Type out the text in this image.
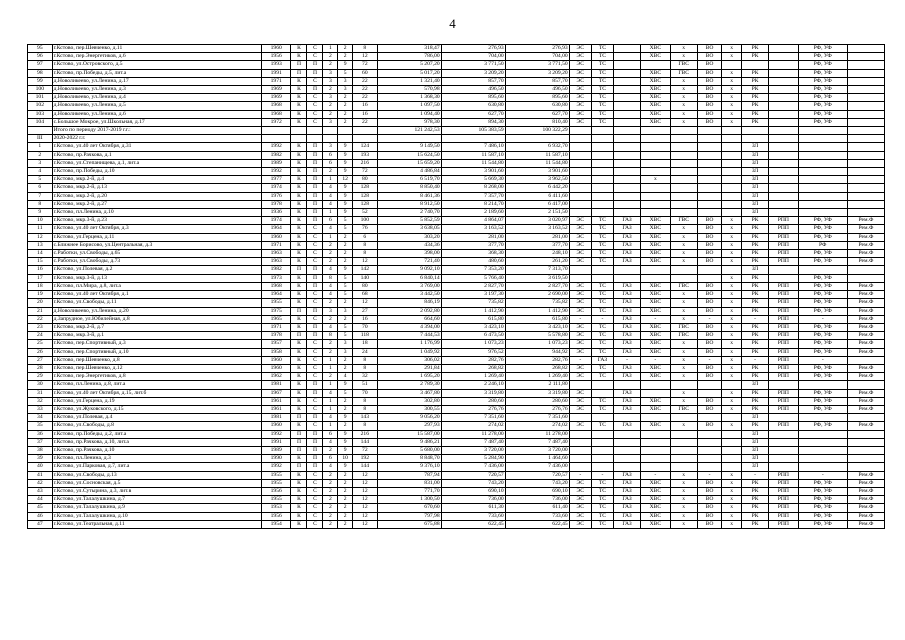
4
95	г.Кстово, пер.Шевченко, д.11	1960	К	С	1	2	8	318,47	276,93	276,93	ЭС	ТС		ХВС	х	ВО	х	РК		РФ, УФ	
96	г.Кстово, пер.Энергетиков, д.6	1956	К	С	2	2	12	786,00	704,00	704,00	ЭС	ТС		ХВС	х	ВО	х	РК		РФ, УФ	
97	г.Кстово, ул.Островского, д.5	1993	П	П	2	9	72	5 207,20	3 771,50	3 771,50	ЭС	ТС			ГВС	ВО				РФ, УФ	
98	г.Кстово, пр.Победы, д.5, лит.а	1991	П	П	3	5	60	5 017,20	3 209,20	3 209,20	ЭС	ТС		ХВС	ГВС	ВО	х	РК		РФ, УФ	
99	д.Новоликеево, ул.Ленина, д.17	1971	К	С	3	3	22	1 321,40	857,70	857,70	ЭС	ТС		ХВС	х	ВО	х	РК		РФ, УФ	
100	д.Новоликеево, ул.Ленина, д.3	1969	К	П	2	3	22	570,98	496,50	496,50	ЭС	ТС		ХВС	х	ВО	х	РК		РФ, УФ	
101	д.Новоликеево, ул.Ленина, д.4	1969	К	С	3	2	22	1 368,30	895,60	895,60	ЭС	ТС		ХВС	х	ВО	х	РК		РФ, УФ	
102	д.Новоликеево, ул.Ленина, д.5	1968	К	С	2	2	16	1 097,50	630,80	630,80	ЭС	ТС		ХВС	х	ВО	х	РК		РФ, УФ	
103	д.Новоликеево, ул.Ленина, д.6	1968	К	С	2	2	16	1 094,40	627,70	627,70	ЭС	ТС		ХВС	х	ВО	х	РК		РФ, УФ	
104	с.Большое Мокрое, ул.Школьная, д.17	1972	К	С	3	2	22	978,30	894,30	810,40	ЭС	ТС		ХВС	х	ВО	х	РК		РФ, УФ	
	Итого по периоду 2017-2019 г.г.:							121 242,53	105 383,59	100 322,29											
III	2020-2022 г.г.																				
1	г.Кстово, ул.40 лет Октября, д.31	1992	К	П	3	9	124	9 149,50	7 486,10	6 932,70								ЗЛ			
2	г.Кстово, пр.Рачкова, д.1	1982	К	П	6	9	193	15 624,50	11 587,10	11 587,10								ЗЛ			
3	г.Кстово, ул.Степанищева, д.1, лит.а	1989	К	П	6	9	216	15 659,20	11 544,80	11 544,80								ЗЛ			
4	г.Кстово, пр.Победы, д.10	1992	К	П	2	9	72	4 486,84	3 901,60	3 901,60								ЗЛ			
5	г.Кстово, мкр.2-й, д.4	1977	К	П	1	12	80	6 519,70	5 669,30	3 962,50				х				ЗЛ			
6	г.Кстово, мкр.2-й, д.13	1974	К	П	4	9	128	8 850,40	8 268,00	6 442,20								ЗЛ			
7	г.Кстово, мкр.2-й, д.20	1976	К	П	4	9	128	8 461,36	7 357,70	6 411,60								ЗЛ			
8	г.Кстово, мкр.2-й, д.27	1978	К	П	4	9	128	8 912,50	8 214,70	6 417,00								ЗЛ			
9	г.Кстово, пл.Ленина, д.10	1936	К	П	1	9	52	2 740,70	2 189,60	2 151,50								ЗЛ			
10	г.Кстово, мкр.3-й, д.23	1974	К	П	6	5	100	5 852,59	4 864,07	3 020,97	ЭС	ТС	ГАЗ	ХВС	ГВС	ВО	х	РК	РПП	РФ, УФ	Рем.Ф
11	г.Кстово, ул.40 лет Октября, д.3	1964	К	С	4	5	76	3 638,05	3 163,52	3 163,52	ЭС	ТС	ГАЗ	ХВС	х	ВО	х	РК	РПП	РФ, УФ	Рем.Ф
12	г.Кстово, ул.Герцена, д.11	1960	К	С	1	2	6	303,20	281,00	281,00	ЭС	ТС	ГАЗ	ХВС	х	ВО	х	РК	РПП	РФ, УФ	Рем.Ф
13	с.Ближнее Борисово, ул.Центральная, д.3	1971	К	С	2	2	8	434,36	377,70	377,70	ЭС	ТС	ГАЗ	ХВС	х	ВО	х	РК	РПП	РФ	Рем.Ф
14	с.Работки, ул.Свободы, д.65	1963	К	С	2	2	8	398,00	368,30	248,10	ЭС	ТС	ГАЗ	ХВС	х	ВО	х	РК	РПП	РФ, УФ	Рем.Ф
15	с.Работки, ул.Свободы, д.73	1963	К	С	2	2	12	721,40	480,60	261,20	ЭС	ТС	ГАЗ	ХВС	х	ВО	х	РК	РПП	РФ, УФ	Рем.Ф
16	г.Кстово, ул.Полевая, д.2	1982	П	П	4	9	142	9 092,10	7 353,20	7 313,70								ЗЛ			
17	г.Кстово, мкр.3-й, д.13	1973	К	П	8	5	140	6 840,14	5 766,40	3 619,50							х	РК		РФ, УФ	
18	г.Кстово, пл.Мира, д.8, лит.а	1968	К	П	4	5	80	3 769,00	2 827,70	2 827,70	ЭС	ТС	ГАЗ	ХВС	ГВС	ВО	х	РК	РПП	РФ, УФ	Рем.Ф
19	г.Кстово, ул.40 лет Октября, д.1	1964	К	С	4	5	68	3 442,50	3 197,30	2 690,00	ЭС	ТС	ГАЗ	ХВС	х	ВО	х	РК	РПП	РФ, УФ	Рем.Ф
20	г.Кстово, ул.Свободы, д.11	1955	К	С	2	2	12	846,19	735,82	735,82	ЭС	ТС	ГАЗ	ХВС	х	ВО	х	РК	РПП	РФ, УФ	Рем.Ф
21	д.Новоликеево, ул.Ленина, д.20	1975	П	П	3	3	27	2 092,80	1 412,90	1 412,90	ЭС	ТС	ГАЗ	ХВС	х	ВО	х	РК	РПП	РФ, УФ	Рем.Ф
22	д.Запрудное, ул.Юбилейная, д.8	1965	К	С	2	2	16	664,60	615,80	615,80	-	-	ГАЗ	-	х	-	х	-	РПП	-	Рем.Ф
23	г.Кстово, мкр.2-й, д.7	1971	К	П	4	5	70	4 394,00	3 423,10	3 423,10	ЭС	ТС	ГАЗ	ХВС	ГВС	ВО	х	РК	РПП	РФ, УФ	Рем.Ф
24	г.Кстово, мкр.3-й, д.1	1978	П	П	8	5	118	7 444,53	6 473,50	5 578,80	ЭС	ТС	ГАЗ	ХВС	ГВС	ВО	х	РК	РПП	РФ, УФ	Рем.Ф
25	г.Кстово, пер.Спортивный, д.3	1957	К	С	2	3	18	1 176,99	1 073,23	1 073,23	ЭС	ТС	ГАЗ	ХВС	х	ВО	х	РК	РПП	РФ, УФ	Рем.Ф
26	г.Кстово, пер.Спортивный, д.10	1958	К	С	2	3	24	1 049,92	976,52	944,92	ЭС	ТС	ГАЗ	ХВС	х	ВО	х	РК	РПП	РФ, УФ	Рем.Ф
27	г.Кстово, пер.Шевченко, д.8	1960	К	С	1	2	8	306,02	282,76	282,76	-	ГАЗ	-	-	х	-	х	-	РПП	-	
28	г.Кстово, пер.Шевченко, д.12	1960	К	С	1	2	8	291,84	268,82	268,82	ЭС	ТС	ГАЗ	ХВС	х	ВО	х	РК	РПП	РФ, УФ	Рем.Ф
29	г.Кстово, пер.Энергетиков, д.8	1962	К	С	2	4	32	1 695,20	1 269,40	1 269,40	ЭС	ТС	ГАЗ	ХВС	х	ВО	х	РК	РПП	РФ, УФ	Рем.Ф
30	г.Кстово, пл.Ленина, д.8, лит.а	1981	К	П	1	9	51	2 789,30	2 246,10	2 111,80								ЗЛ			
31	г.Кстово, ул.40 лет Октября, д.15, лит.б	1967	К	П	4	5	70	3 467,80	3 319,80	3 319,80	ЭС		ГАЗ		х		х	РК	РПП	РФ, УФ	Рем.Ф
32	г.Кстово, ул.Герцена, д.19	1961	К	С	1	2	8	302,80	280,60	280,60	ЭС	ТС	ГАЗ	ХВС	х	ВО	х	РК	РПП	РФ, УФ	Рем.Ф
33	г.Кстово, ул.Жуковского, д.15	1961	К	С	1	2	8	300,55	276,76	276,76	ЭС	ТС	ГАЗ	ХВС	ГВС	ВО	х	РК	РПП	РФ, УФ	Рем.Ф
34	г.Кстово, ул.Полевая, д.4	1981	П	П	4	9	143	9 056,20	7 351,60	7 351,60								ЗЛ			
35	г.Кстово, ул.Свободы, д.8	1960	К	С	1	2	8	297,93	274,02	274,02	ЭС	ТС	ГАЗ	ХВС	х	ВО	х	РК	РПП	РФ, УФ	Рем.Ф
36	г.Кстово, пр.Победы, д.2, лит.а	1992	П	П	6	9	216	15 587,00	11 278,00	11 278,00								ЗЛ			
37	г.Кстово, пр.Рачкова, д.10, лит.а	1991	П	П	4	9	144	9 486,21	7 487,40	7 487,40								ЗЛ			
38	г.Кстово, пр.Рачкова, д.10	1989	П	П	2	9	72	5 680,00	3 720,00	3 720,00								ЗЛ			
39	г.Кстово, пл.Ленина, д.3	1990	К	П	6	10	192	8 848,70	5 284,90	1 464,60								ЗЛ			
40	г.Кстово, ул.Парковая, д.7, лит.а	1992	П	П	4	9	144	9 376,10	7 436,00	7 436,00								ЗЛ			
41	г.Кстово, ул.Свободы, д.13	1955	К	С	2	2	12	787,94	720,57	720,57	-	-	ГАЗ	-	х	-	х	-	РПП	-	Рем.Ф
42	г.Кстово, ул.Сосновская, д.5	1955	К	С	2	2	12	831,00	743,20	743,20	ЭС	ТС	ГАЗ	ХВС	х	ВО	х	РК	РПП	РФ, УФ	Рем.Ф
43	г.Кстово, ул.Сутырина, д.3, лит.в	1956	К	С	2	2	12	771,70	690,10	690,10	ЭС	ТС	ГАЗ	ХВС	х	ВО	х	РК	РПП	РФ, УФ	Рем.Ф
44	г.Кстово, ул.Талалушкина, д.7	1955	К	С	2	2	12	1 300,50	736,00	736,00	ЭС	ТС	ГАЗ	ХВС	х	ВО	х	РК	РПП	РФ, УФ	Рем.Ф
45	г.Кстово, ул.Талалушкина, д.9	1953	К	С	2	2	12	670,60	611,30	611,40	ЭС	ТС	ГАЗ	ХВС	х	ВО	х	РК	РПП	РФ, УФ	Рем.Ф
46	г.Кстово, ул.Талалушкина, д.10	1956	К	С	2	2	12	797,98	733,60	733,60	ЭС	ТС	ГАЗ	ХВС	х	ВО	х	РК	РПП	РФ, УФ	Рем.Ф
47	г.Кстово, ул.Театральная, д.11	1954	К	С	2	2	12	675,88	622,45	622,45	ЭС	ТС	ГАЗ	ХВС	х	ВО	х	РК	РПП	РФ, УФ	Рем.Ф
